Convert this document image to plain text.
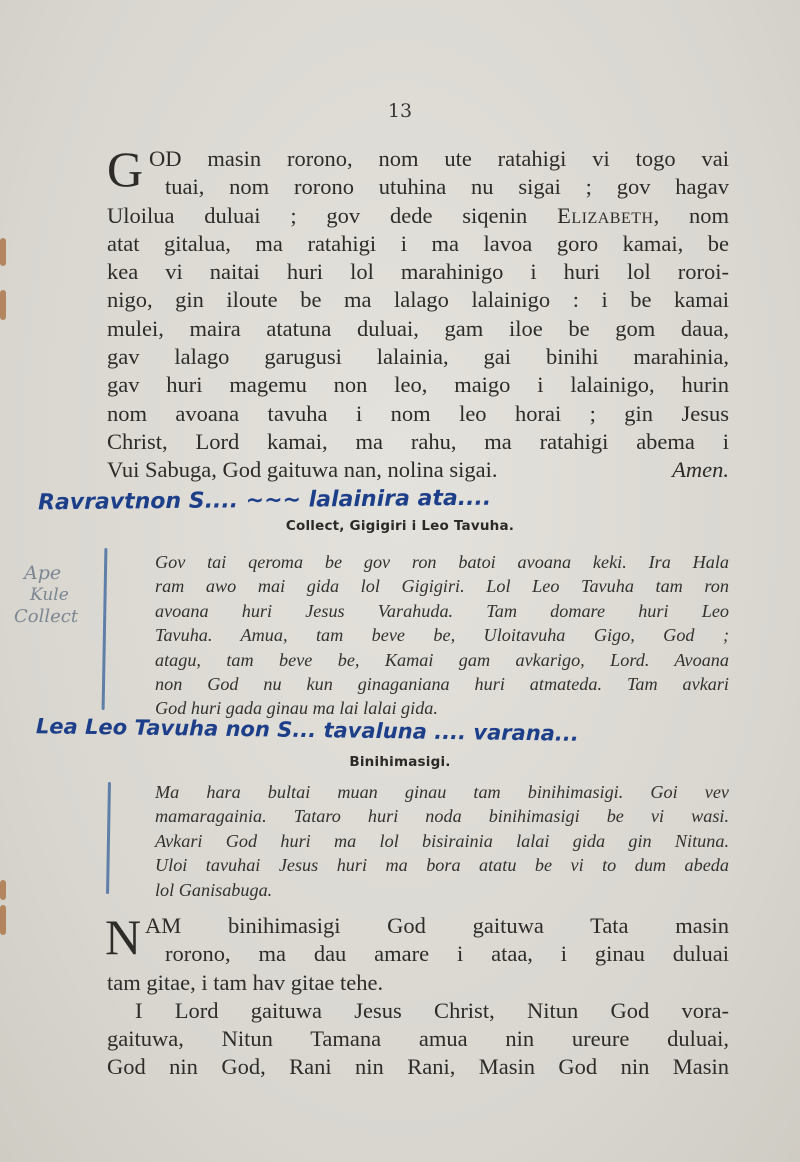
13
G OD masin roro​no, nom ute ratahigi vi togo vai
tuai, nom roro​no utuhina nu sigai ; gov hagav
Uloilua duluai ; gov dede siqenin Elizabeth, nom
atat gitalua, ma ratahigi i ma lavoa goro kamai, be
kea vi naitai huri lol marahinigo i huri lol roroi-
nigo, gin iloute be ma lalago lalainigo : i be kamai
mulei, maira atatuna duluai, gam iloe be gom daua,
gav lalago garugusi lalainia, gai binihi marahinia,
gav huri magemu non leo, maigo i lalainigo, hurin
nom avoana tavuha i nom leo horai ; gin Jesus
Christ, Lord kamai, ma rahu, ma ratahigi abema i
Vui Sabuga, God gaituwa nan, nolina sigai.	Amen.
Ravravtnon S.... ~~~ lalainira ata....
Collect, Gigigiri i Leo Tavuha.
Ape
Kule
Collect
Gov tai qeroma be gov ron batoi avoana keki. Ira Hala
ram awo mai gida lol Gigigiri. Lol Leo Tavuha tam ron
avoana huri Jesus Varahuda. Tam domare huri Leo
Tavuha. Amua, tam beve be, Uloitavuha Gigo, God ;
atagu, tam beve be, Kamai gam avkarigo, Lord. Avoana
non God nu kun ginaganiana huri atmateda. Tam avkari
God huri gada ginau ma lai lalai gida.
Lea Leo Tavuha non S... tavaluna .... varana...
Binihimasigi.
Ma hara bultai muan ginau tam binihimasigi. Goi vev
mamaragainia. Tataro huri noda binihimasigi be vi wasi.
Avkari God huri ma lol bisirainia lalai gida gin Nituna.
Uloi tavuhai Jesus huri ma bora atatu be vi to dum abeda
lol Ganisabuga.
N AM binihimasigi God gaituwa Tata masin
rorono, ma dau amare i ataa, i ginau duluai
tam gitae, i tam hav gitae tehe.
I Lord gaituwa Jesus Christ, Nitun God vora-
gaituwa, Nitun Tamana amua nin ureure duluai,
God nin God, Rani nin Rani, Masin God nin Masin
